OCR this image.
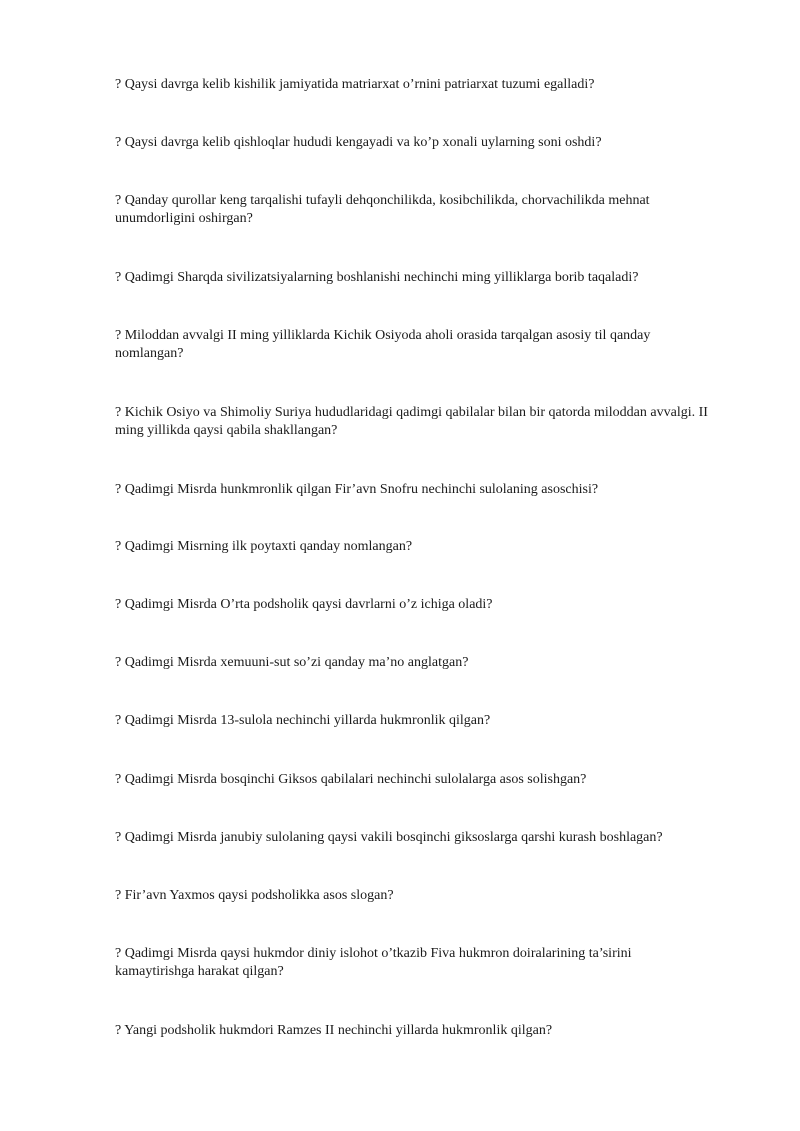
? Qaysi davrga kelib kishilik jamiyatida matriarxat o’rnini patriarxat tuzumi egalladi?

? Qaysi davrga kelib qishloqlar hududi kengayadi va ko’p xonali uylarning soni oshdi?

? Qanday qurollar keng tarqalishi tufayli dehqonchilikda, kosibchilikda, chorvachilikda mehnat
unumdorligini oshirgan?

? Qadimgi Sharqda sivilizatsiyalarning boshlanishi nechinchi ming yilliklarga borib taqaladi?

? Miloddan avvalgi II ming yilliklarda Kichik Osiyoda aholi orasida tarqalgan asosiy til qanday
nomlangan?

? Kichik Osiyo va Shimoliy Suriya hududlaridagi qadimgi qabilalar bilan bir qatorda miloddan avvalgi. II
ming yillikda qaysi qabila shakllangan?

? Qadimgi Misrda hunkmronlik qilgan Fir’avn Snofru nechinchi sulolaning asoschisi?

? Qadimgi Misrning ilk poytaxti qanday nomlangan?

? Qadimgi Misrda O’rta podsholik qaysi davrlarni o’z ichiga oladi?

? Qadimgi Misrda xemuuni-sut so’zi qanday ma’no anglatgan?

? Qadimgi Misrda 13-sulola nechinchi yillarda hukmronlik qilgan?

? Qadimgi Misrda bosqinchi Giksos qabilalari nechinchi sulolalarga asos solishgan?

? Qadimgi Misrda janubiy sulolaning qaysi vakili bosqinchi giksoslarga qarshi kurash boshlagan?

? Fir’avn Yaxmos qaysi podsholikka asos slogan?

? Qadimgi Misrda qaysi hukmdor diniy islohot o’tkazib Fiva hukmron doiralarining ta’sirini
kamaytirishga harakat qilgan?

? Yangi podsholik hukmdori Ramzes II nechinchi yillarda hukmronlik qilgan?
